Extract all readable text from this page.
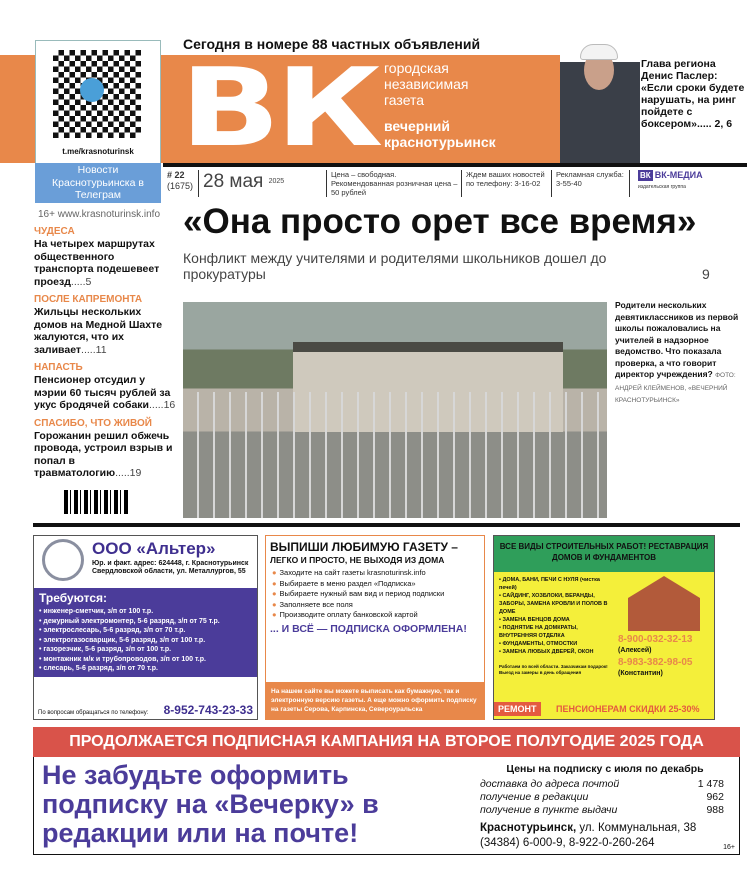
Сегодня в номере 88 частных объявлений
ВК городская независимая газета
вечерний краснотурьинск
Глава региона Денис Паслер: «Если сроки будете нарушать, на ринг пойдете с боксером»..... 2, 6
t.me/krasnoturinsk
Новости Краснотурьинска в Телеграм
# 22
(1675) 28 мая $^{2025}$
Цена – свободная. Рекомендованная розничная цена – 50 рублей
Ждем ваших новостей по телефону: 3-16-02
Рекламная служба: 3-55-40
ВК ВК-МЕДИА
издательская группа
16+ www.krasnoturinsk.info
ЧУДЕСА
На четырех маршрутах общественного транспорта подешевеет проезд.....5
ПОСЛЕ КАПРЕМОНТА
Жильцы нескольких домов на Медной Шахте жалуются, что их заливает.....11
НАПАСТЬ
Пенсионер отсудил у мэрии 60 тысяч рублей за укус бродячей собаки.....16
СПАСИБО, ЧТО ЖИВОЙ
Горожанин решил обжечь провода, устроил взрыв и попал в травматологию.....19
«Она просто орет все время»
Конфликт между учителями и родителями школьников дошел до прокуратуры	9
Родители нескольких девятиклассников из первой школы пожаловались на учителей в надзорное ведомство. Что показала проверка, а что говорит директор учреждения? ФОТО: АНДРЕЙ КЛЕЙМЕНОВ, «ВЕЧЕРНИЙ КРАСНОТУРЬИНСК»
ООО «Альтер»
Юр. и факт. адрес: 624448, г. Краснотурьинск Свердловской области, ул. Металлургов, 55
Требуются:
• инженер-сметчик, з/п от 100 т.р.
• дежурный электромонтер, 5-6 разряд, з/п от 75 т.р.
• электрослесарь, 5-6 разряд, з/п от 70 т.р.
• электрогазосварщик, 5-6 разряд, з/п от 100 т.р.
• газорезчик, 5-6 разряд, з/п от 100 т.р.
• монтажник м/к и трубопроводов, з/п от 100 т.р.
• слесарь, 5-6 разряд, з/п от 70 т.р.
По вопросам обращаться по телефону: 8-952-743-23-33
ВЫПИШИ ЛЮБИМУЮ ГАЗЕТУ –
ЛЕГКО И ПРОСТО, НЕ ВЫХОДЯ ИЗ ДОМА
● Заходите на сайт газеты krasnoturinsk.info
● Выбираете в меню раздел «Подписка»
● Выбираете нужный вам вид и период подписки
● Заполняете все поля
● Производите оплату банковской картой
... И ВСЁ — ПОДПИСКА ОФОРМЛЕНА!
На нашем сайте вы можете выписать как бумажную, так и электронную версию газеты. А еще можно оформить подписку на газеты Серова, Карпинска, Североуральска
ВСЕ ВИДЫ СТРОИТЕЛЬНЫХ РАБОТ! РЕСТАВРАЦИЯ ДОМОВ И ФУНДАМЕНТОВ
• ДОМА, БАНИ, ПЕЧИ С НУЛЯ (чистка печей)
• САЙДИНГ, ХОЗБЛОКИ, ВЕРАНДЫ, ЗАБОРЫ, ЗАМЕНА КРОВЛИ И ПОЛОВ В ДОМЕ
• ЗАМЕНА ВЕНЦОВ ДОМА
• ПОДНЯТИЕ НА ДОМКРАТЫ, ВНУТРЕННЯЯ ОТДЕЛКА
• ФУНДАМЕНТЫ, ОТМОСТКИ
• ЗАМЕНА ЛЮБЫХ ДВЕРЕЙ, ОКОН
8-900-032-32-13
(Алексей)
8-983-382-98-05
(Константин)
Работаем по всей области. Заказчикам подарок! Выезд на замеры в день обращения
РЕМОНТ	ПЕНСИОНЕРАМ СКИДКИ 25-30%
ПРОДОЛЖАЕТСЯ ПОДПИСНАЯ КАМПАНИЯ НА ВТОРОЕ ПОЛУГОДИЕ 2025 ГОДА
Не забудьте оформить подписку на «Вечерку» в редакции или на почте!
Цены на подписку с июля по декабрь
доставка до адреса почтой	1 478
получение в редакции	962
получение в пункте выдачи	988
Краснотурьинск, ул. Коммунальная, 38
(34384) 6-000-9, 8-922-0-260-264	16+
